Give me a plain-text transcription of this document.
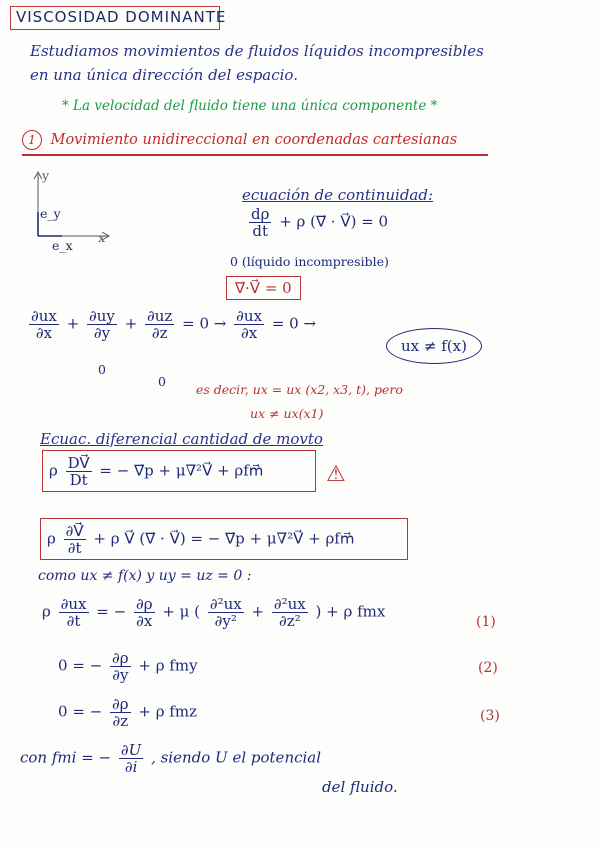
VISCOSIDAD DOMINANTE
Estudiamos movimientos de fluidos líquidos incompresibles
en una única dirección del espacio.
* La velocidad del fluido tiene una única componente *
1 Movimiento unidireccional en coordenadas cartesianas
y
x
e_y
e_x
ecuación de continuidad:
$\frac{d\rho}{dt} + \rho$ (∇⃗ · V⃗) = 0
0 (líquido incompresible)
∇⃗·V⃗ = 0
$\frac{\partial ux}{\partial x} + \frac{\partial uy}{\partial y} + \frac{\partial uz}{\partial z} = 0 \to \frac{\partial ux}{\partial x} = 0$ →
ux ≠ f(x)
0
0
es decir, ux = ux (x2, x3, t), pero
ux ≠ ux(x1)
Ecuac. diferencial cantidad de movto
ρ $\frac{DV⃗}{Dt}$ = − ∇⃗p + μ∇²V⃗ + ρfm⃗	⚠
ρ $\frac{\partial V⃗}{\partial t} + \rho$ V⃗ (∇⃗ · V⃗) = − ∇⃗p + μ∇²V⃗ + ρfm⃗
como ux ≠ f(x) y uy = uz = 0 :
ρ $\frac{\partial ux}{\partial t}$ = − $\frac{\partial\rho}{\partial x} + \mu$ ( $\frac{\text{∂²ux}}{\text{∂y²}} + \frac{\text{∂²ux}}{\text{∂z²}}$ ) + ρ fmx
(1)
0 = − $\frac{\partial\rho}{\partial y} + \rho$ fmy	(2)
0 = − $\frac{\partial\rho}{\partial z} + \rho$ fmz	(3)
con fmi = − $\frac{\partial U}{\partial i}$ , siendo U el potencial
del fluido.
